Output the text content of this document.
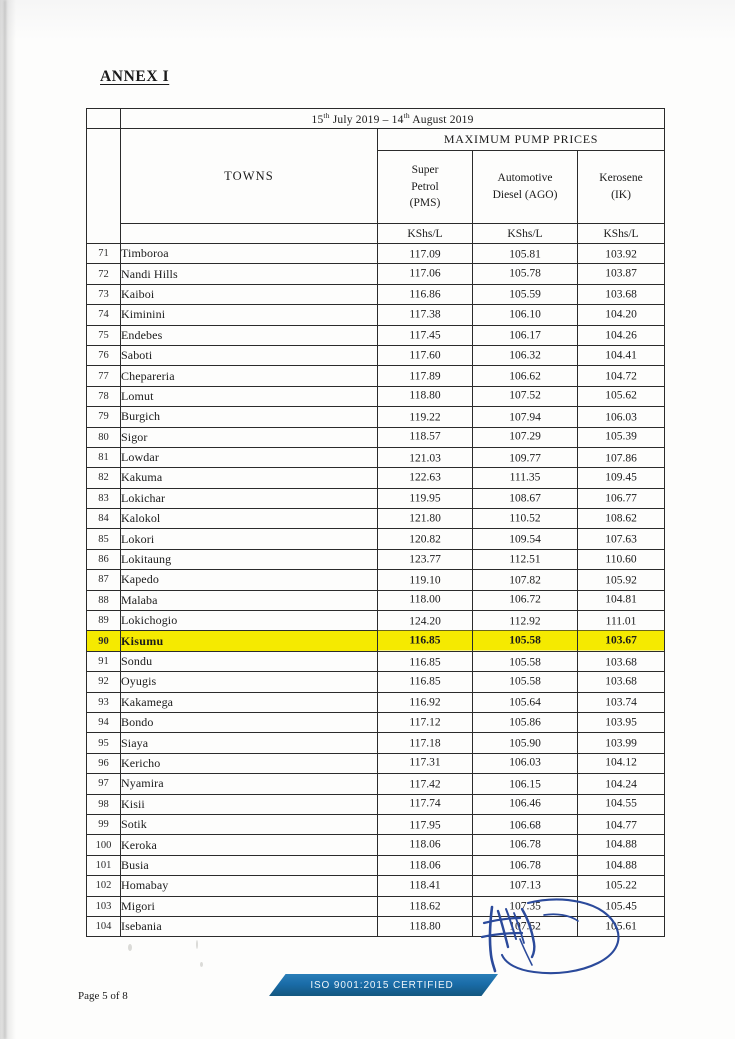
ANNEX I
	15th July 2019 – 14th August 2019			
	TOWNS	MAXIMUM PUMP PRICES		

Super
Petrol
(PMS)

Automotive
Diesel (AGO)

Kerosene
(IK)

		KShs/L	KShs/L	KShs/L
71	Timboroa	117.09	105.81	103.92
72	Nandi Hills	117.06	105.78	103.87
73	Kaiboi	116.86	105.59	103.68
74	Kiminini	117.38	106.10	104.20
75	Endebes	117.45	106.17	104.26
76	Saboti	117.60	106.32	104.41
77	Chepareria	117.89	106.62	104.72
78	Lomut	118.80	107.52	105.62
79	Burgich	119.22	107.94	106.03
80	Sigor	118.57	107.29	105.39
81	Lowdar	121.03	109.77	107.86
82	Kakuma	122.63	111.35	109.45
83	Lokichar	119.95	108.67	106.77
84	Kalokol	121.80	110.52	108.62
85	Lokori	120.82	109.54	107.63
86	Lokitaung	123.77	112.51	110.60
87	Kapedo	119.10	107.82	105.92
88	Malaba	118.00	106.72	104.81
89	Lokichogio	124.20	112.92	111.01
90	Kisumu	116.85	105.58	103.67
91	Sondu	116.85	105.58	103.68
92	Oyugis	116.85	105.58	103.68
93	Kakamega	116.92	105.64	103.74
94	Bondo	117.12	105.86	103.95
95	Siaya	117.18	105.90	103.99
96	Kericho	117.31	106.03	104.12
97	Nyamira	117.42	106.15	104.24
98	Kisii	117.74	106.46	104.55
99	Sotik	117.95	106.68	104.77
100	Keroka	118.06	106.78	104.88
101	Busia	118.06	106.78	104.88
102	Homabay	118.41	107.13	105.22
103	Migori	118.62	107.35	105.45
104	Isebania	118.80	107.52	105.61
Page 5 of 8
ISO 9001:2015 CERTIFIED
